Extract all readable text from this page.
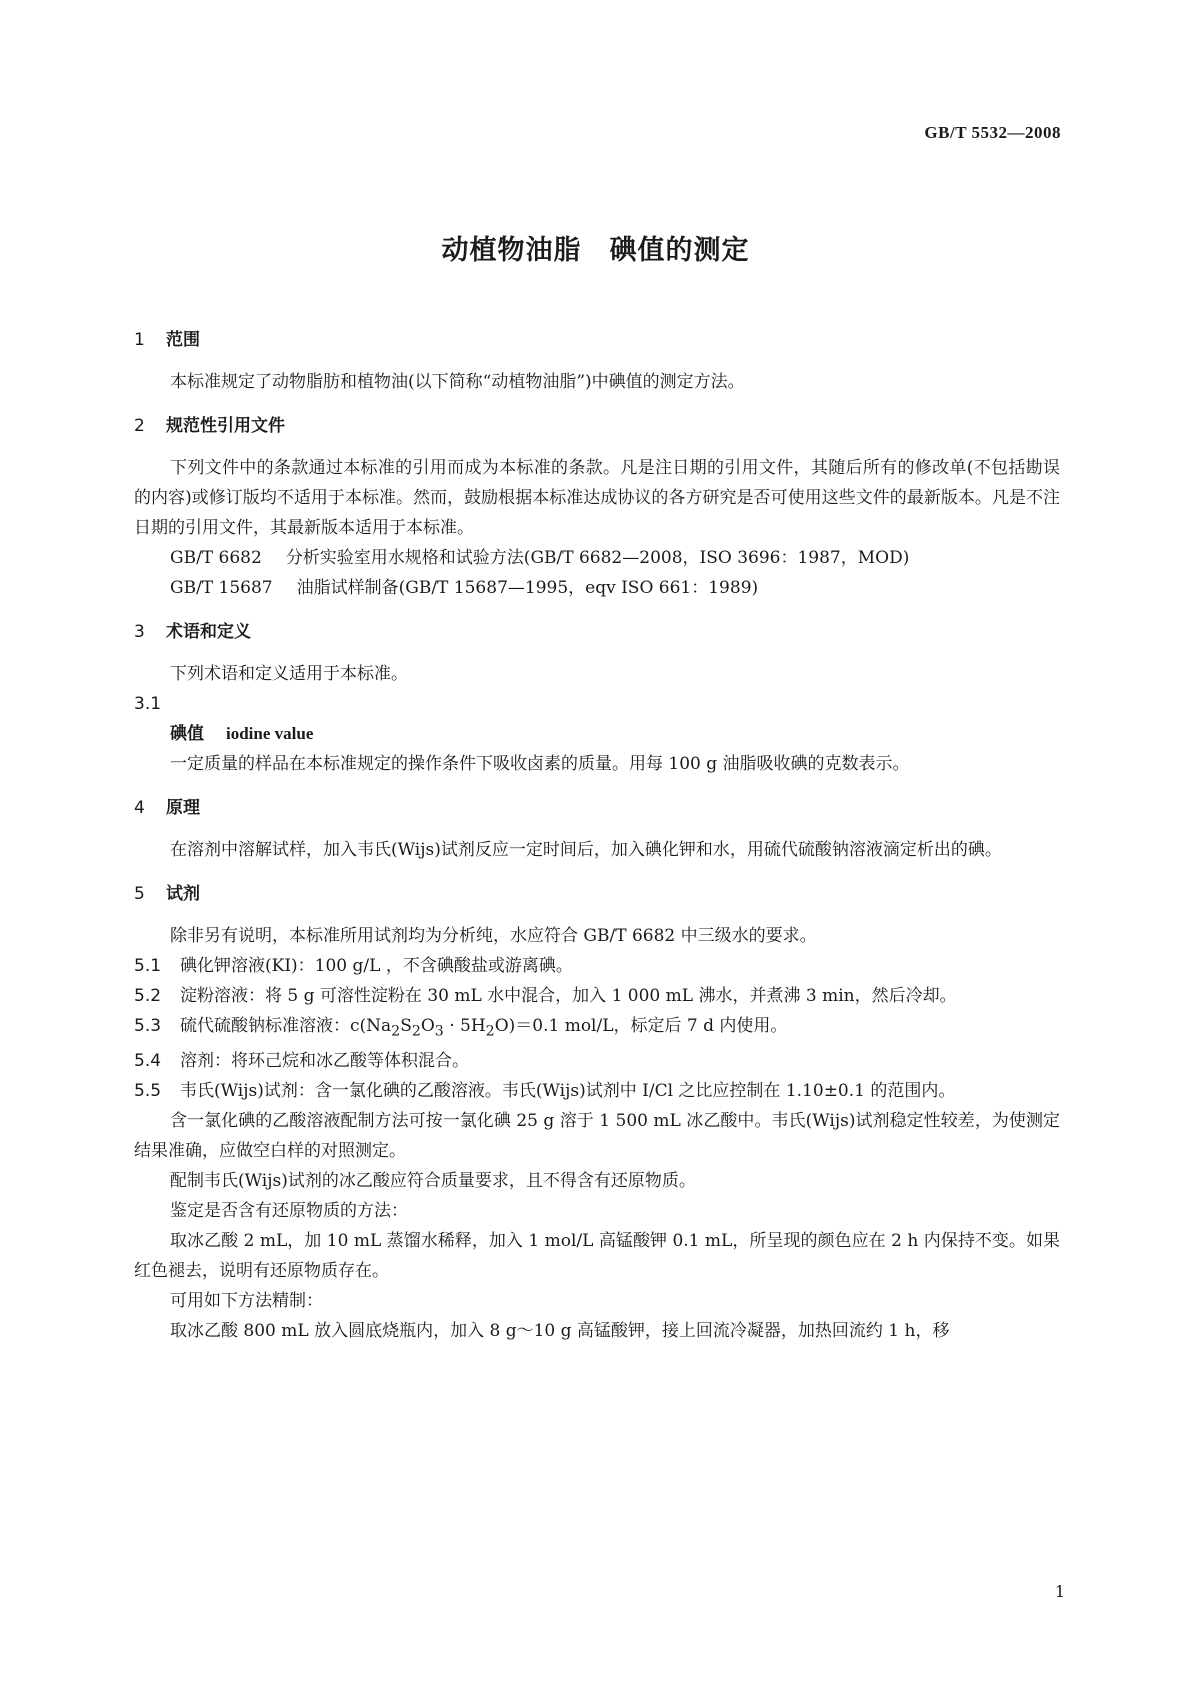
GB/T 5532—2008
动植物油脂　碘值的测定
1 范围

本标准规定了动物脂肪和植物油(以下简称“动植物油脂”)中碘值的测定方法。

2 规范性引用文件

下列文件中的条款通过本标准的引用而成为本标准的条款。凡是注日期的引用文件，其随后所有的修改单(不包括勘误的内容)或修订版均不适用于本标准。然而，鼓励根据本标准达成协议的各方研究是否可使用这些文件的最新版本。凡是不注日期的引用文件，其最新版本适用于本标准。

GB/T 6682 分析实验室用水规格和试验方法(GB/T 6682—2008，ISO 3696：1987，MOD)
GB/T 15687 油脂试样制备(GB/T 15687—1995，eqv ISO 661：1989)
3 术语和定义

下列术语和定义适用于本标准。

3.1
碘值 iodine value

一定质量的样品在本标准规定的操作条件下吸收卤素的质量。用每 100 g 油脂吸收碘的克数表示。

4 原理

在溶剂中溶解试样，加入韦氏(Wijs)试剂反应一定时间后，加入碘化钾和水，用硫代硫酸钠溶液滴定析出的碘。

5 试剂

除非另有说明，本标准所用试剂均为分析纯，水应符合 GB/T 6682 中三级水的要求。

5.1 碘化钾溶液(KI)：100 g/L ，不含碘酸盐或游离碘。
5.2 淀粉溶液：将 5 g 可溶性淀粉在 30 mL 水中混合，加入 1 000 mL 沸水，并煮沸 3 min，然后冷却。
5.3 硫代硫酸钠标准溶液：$c(Na_2S_2O_3 \cdot 5H_2O)=0.1$ mol/L，标定后 7 d 内使用。
5.4 溶剂：将环己烷和冰乙酸等体积混合。
5.5 韦氏(Wijs)试剂：含一氯化碘的乙酸溶液。韦氏(Wijs)试剂中 I/Cl 之比应控制在 1.10±0.1 的范围内。

含一氯化碘的乙酸溶液配制方法可按一氯化碘 25 g 溶于 1 500 mL 冰乙酸中。韦氏(Wijs)试剂稳定性较差，为使测定结果准确，应做空白样的对照测定。

配制韦氏(Wijs)试剂的冰乙酸应符合质量要求，且不得含有还原物质。

鉴定是否含有还原物质的方法：

取冰乙酸 2 mL，加 10 mL 蒸馏水稀释，加入 1 mol/L 高锰酸钾 0.1 mL，所呈现的颜色应在 2 h 内保持不变。如果红色褪去，说明有还原物质存在。

可用如下方法精制：

取冰乙酸 800 mL 放入圆底烧瓶内，加入 8 g～10 g 高锰酸钾，接上回流冷凝器，加热回流约 1 h，移

1
